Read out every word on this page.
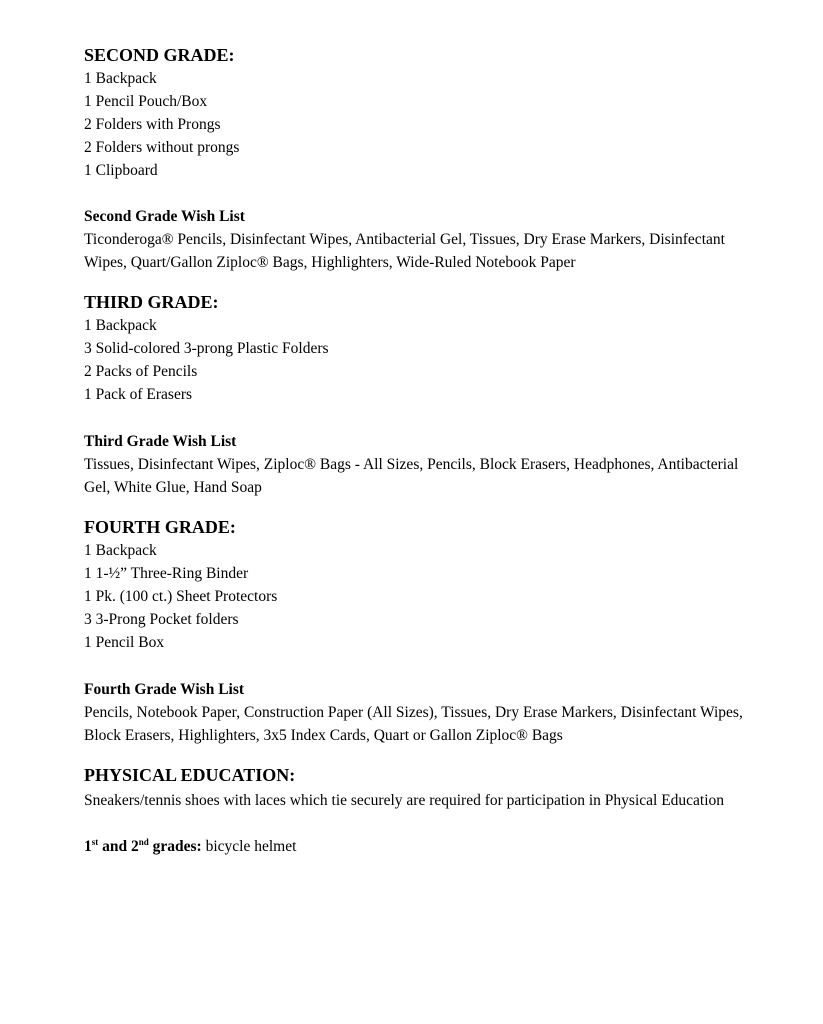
SECOND GRADE:
1 Backpack
1 Pencil Pouch/Box
2 Folders with Prongs
2 Folders without prongs
1 Clipboard
Second Grade Wish List
Ticonderoga® Pencils, Disinfectant Wipes, Antibacterial Gel, Tissues, Dry Erase Markers, Disinfectant
Wipes, Quart/Gallon Ziploc® Bags, Highlighters, Wide-Ruled Notebook Paper
THIRD GRADE:
1 Backpack
3 Solid-colored 3-prong Plastic Folders
2 Packs of Pencils
1 Pack of Erasers
Third Grade Wish List
Tissues, Disinfectant Wipes, Ziploc® Bags - All Sizes, Pencils, Block Erasers, Headphones, Antibacterial
Gel, White Glue, Hand Soap
FOURTH GRADE:
1 Backpack
1 1-½” Three-Ring Binder
1 Pk. (100 ct.) Sheet Protectors
3 3-Prong Pocket folders
1 Pencil Box
Fourth Grade Wish List
Pencils, Notebook Paper, Construction Paper (All Sizes), Tissues, Dry Erase Markers, Disinfectant Wipes,
Block Erasers, Highlighters, 3x5 Index Cards, Quart or Gallon Ziploc® Bags
PHYSICAL EDUCATION:
Sneakers/tennis shoes with laces which tie securely are required for participation in Physical Education
1st and 2nd grades: bicycle helmet
